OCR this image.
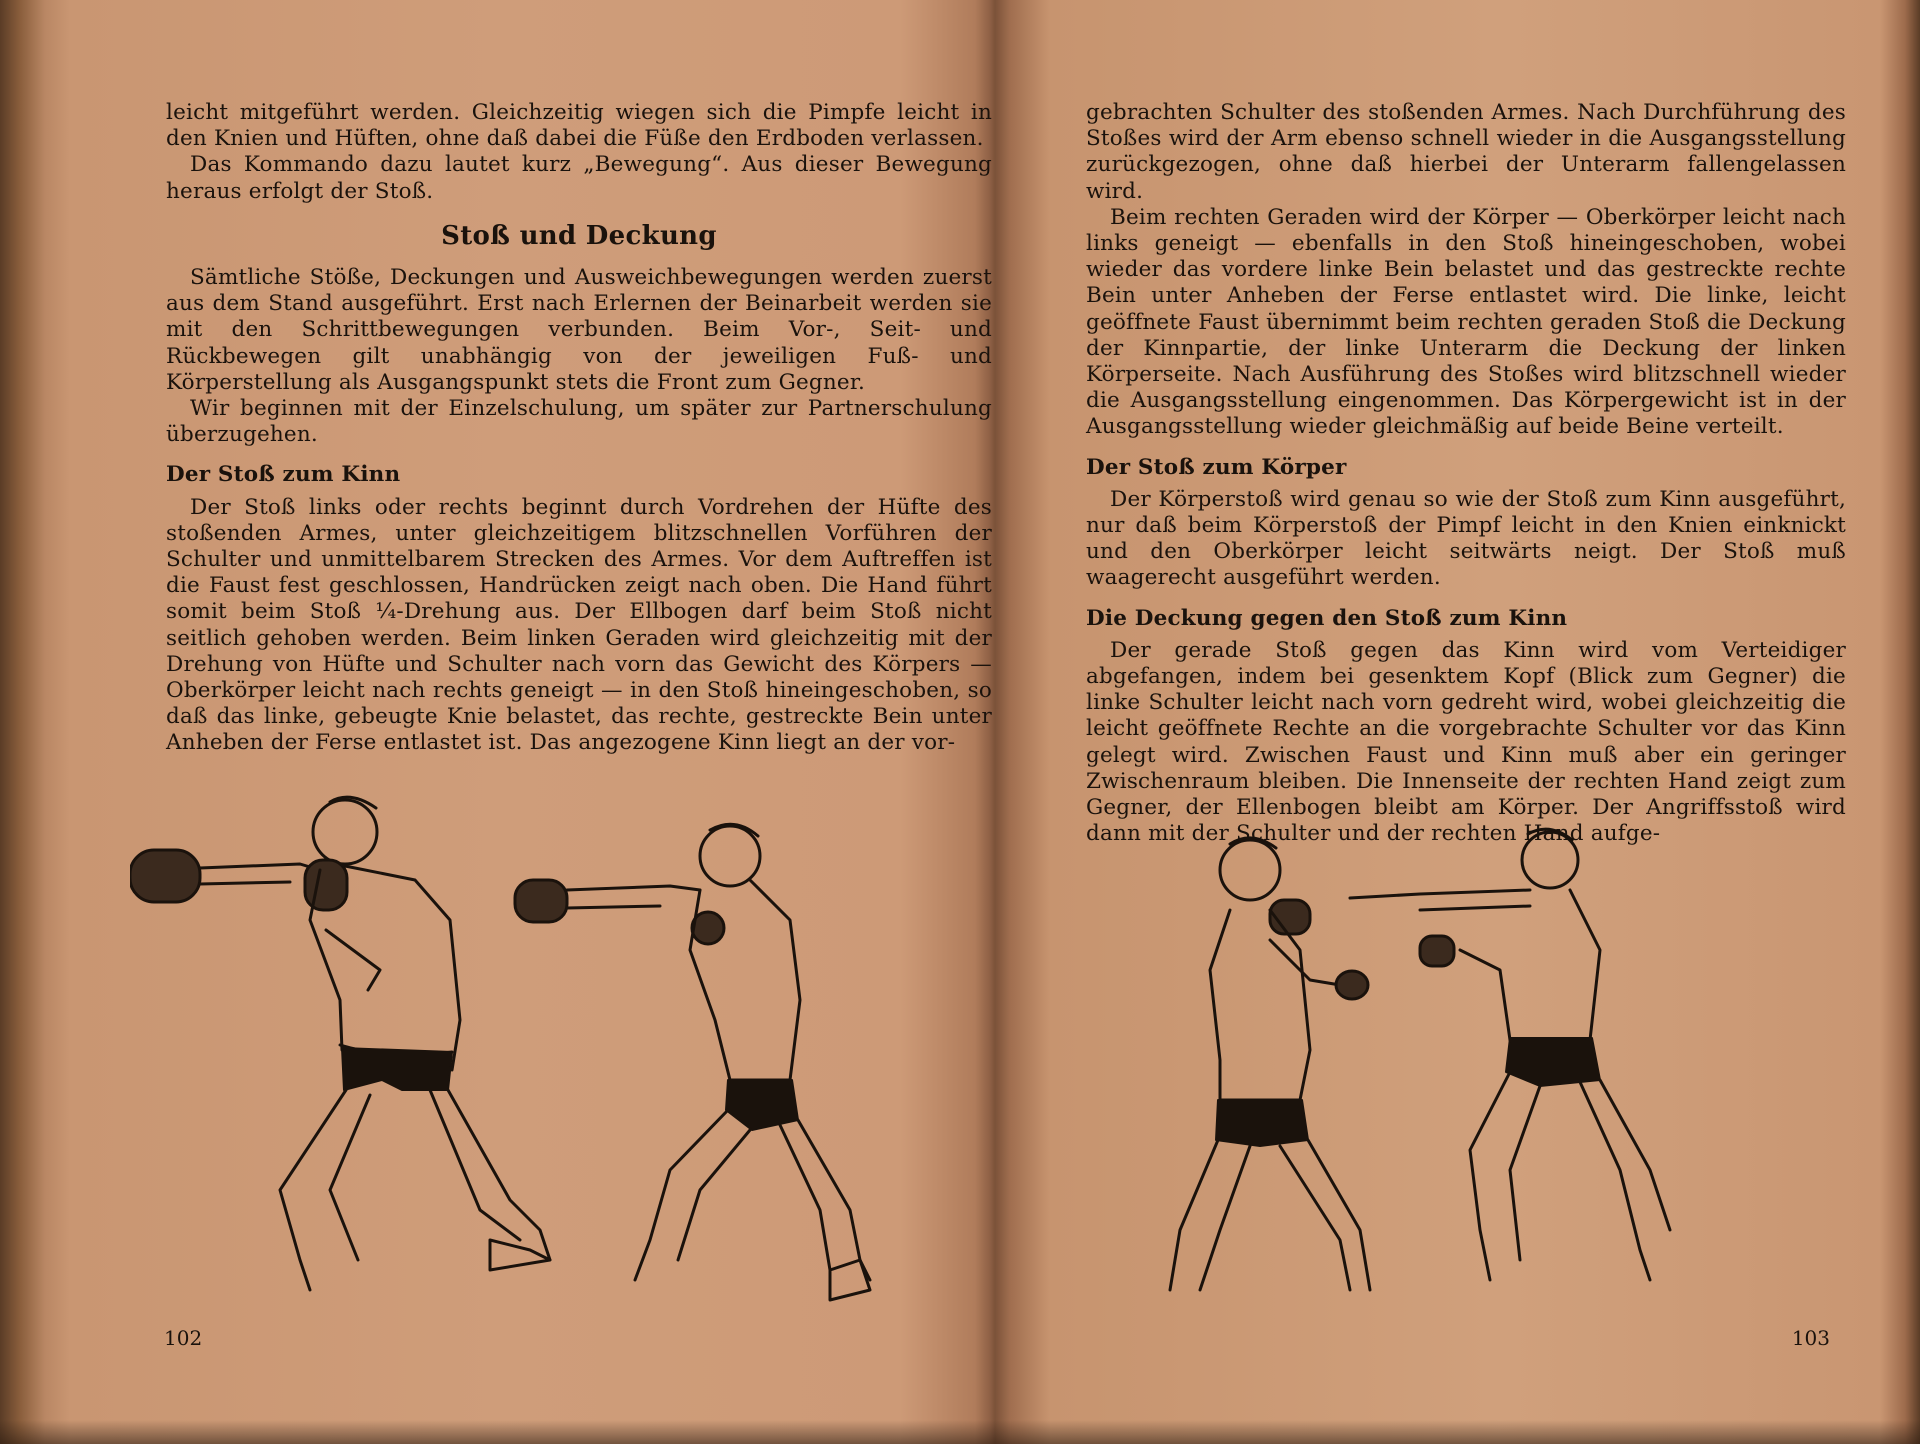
leicht mitgeführt werden. Gleichzeitig wiegen sich die Pimpfe leicht in den Knien und Hüften, ohne daß dabei die Füße den Erdboden verlassen.

Das Kommando dazu lautet kurz „Bewegung“. Aus dieser Bewegung heraus erfolgt der Stoß.

Stoß und Deckung

Sämtliche Stöße, Deckungen und Ausweichbewegungen werden zuerst aus dem Stand ausgeführt. Erst nach Erlernen der Beinarbeit werden sie mit den Schrittbewegungen verbunden. Beim Vor-, Seit- und Rückbewegen gilt unabhängig von der jeweiligen Fuß- und Körperstellung als Ausgangspunkt stets die Front zum Gegner.

Wir beginnen mit der Einzelschulung, um später zur Partnerschulung überzugehen.

Der Stoß zum Kinn

Der Stoß links oder rechts beginnt durch Vordrehen der Hüfte des stoßenden Armes, unter gleichzeitigem blitzschnellen Vorführen der Schulter und unmittelbarem Strecken des Armes. Vor dem Auftreffen ist die Faust fest geschlossen, Handrücken zeigt nach oben. Die Hand führt somit beim Stoß ¼-Drehung aus. Der Ellbogen darf beim Stoß nicht seitlich gehoben werden. Beim linken Geraden wird gleichzeitig mit der Drehung von Hüfte und Schulter nach vorn das Gewicht des Körpers — Oberkörper leicht nach rechts geneigt — in den Stoß hineingeschoben, so daß das linke, gebeugte Knie belastet, das rechte, gestreckte Bein unter Anheben der Ferse entlastet ist. Das angezogene Kinn liegt an der vor-

102

gebrachten Schulter des stoßenden Armes. Nach Durchführung des Stoßes wird der Arm ebenso schnell wieder in die Ausgangsstellung zurückgezogen, ohne daß hierbei der Unterarm fallengelassen wird.

Beim rechten Geraden wird der Körper — Oberkörper leicht nach links geneigt — ebenfalls in den Stoß hineingeschoben, wobei wieder das vordere linke Bein belastet und das gestreckte rechte Bein unter Anheben der Ferse entlastet wird. Die linke, leicht geöffnete Faust übernimmt beim rechten geraden Stoß die Deckung der Kinnpartie, der linke Unterarm die Deckung der linken Körperseite. Nach Ausführung des Stoßes wird blitzschnell wieder die Ausgangsstellung eingenommen. Das Körpergewicht ist in der Ausgangsstellung wieder gleichmäßig auf beide Beine verteilt.

Der Stoß zum Körper

Der Körperstoß wird genau so wie der Stoß zum Kinn ausgeführt, nur daß beim Körperstoß der Pimpf leicht in den Knien einknickt und den Oberkörper leicht seitwärts neigt. Der Stoß muß waagerecht ausgeführt werden.

Die Deckung gegen den Stoß zum Kinn

Der gerade Stoß gegen das Kinn wird vom Verteidiger abgefangen, indem bei gesenktem Kopf (Blick zum Gegner) die linke Schulter leicht nach vorn gedreht wird, wobei gleichzeitig die leicht geöffnete Rechte an die vorgebrachte Schulter vor das Kinn gelegt wird. Zwischen Faust und Kinn muß aber ein geringer Zwischenraum bleiben. Die Innenseite der rechten Hand zeigt zum Gegner, der Ellenbogen bleibt am Körper. Der Angriffsstoß wird dann mit der Schulter und der rechten Hand aufge-

103
